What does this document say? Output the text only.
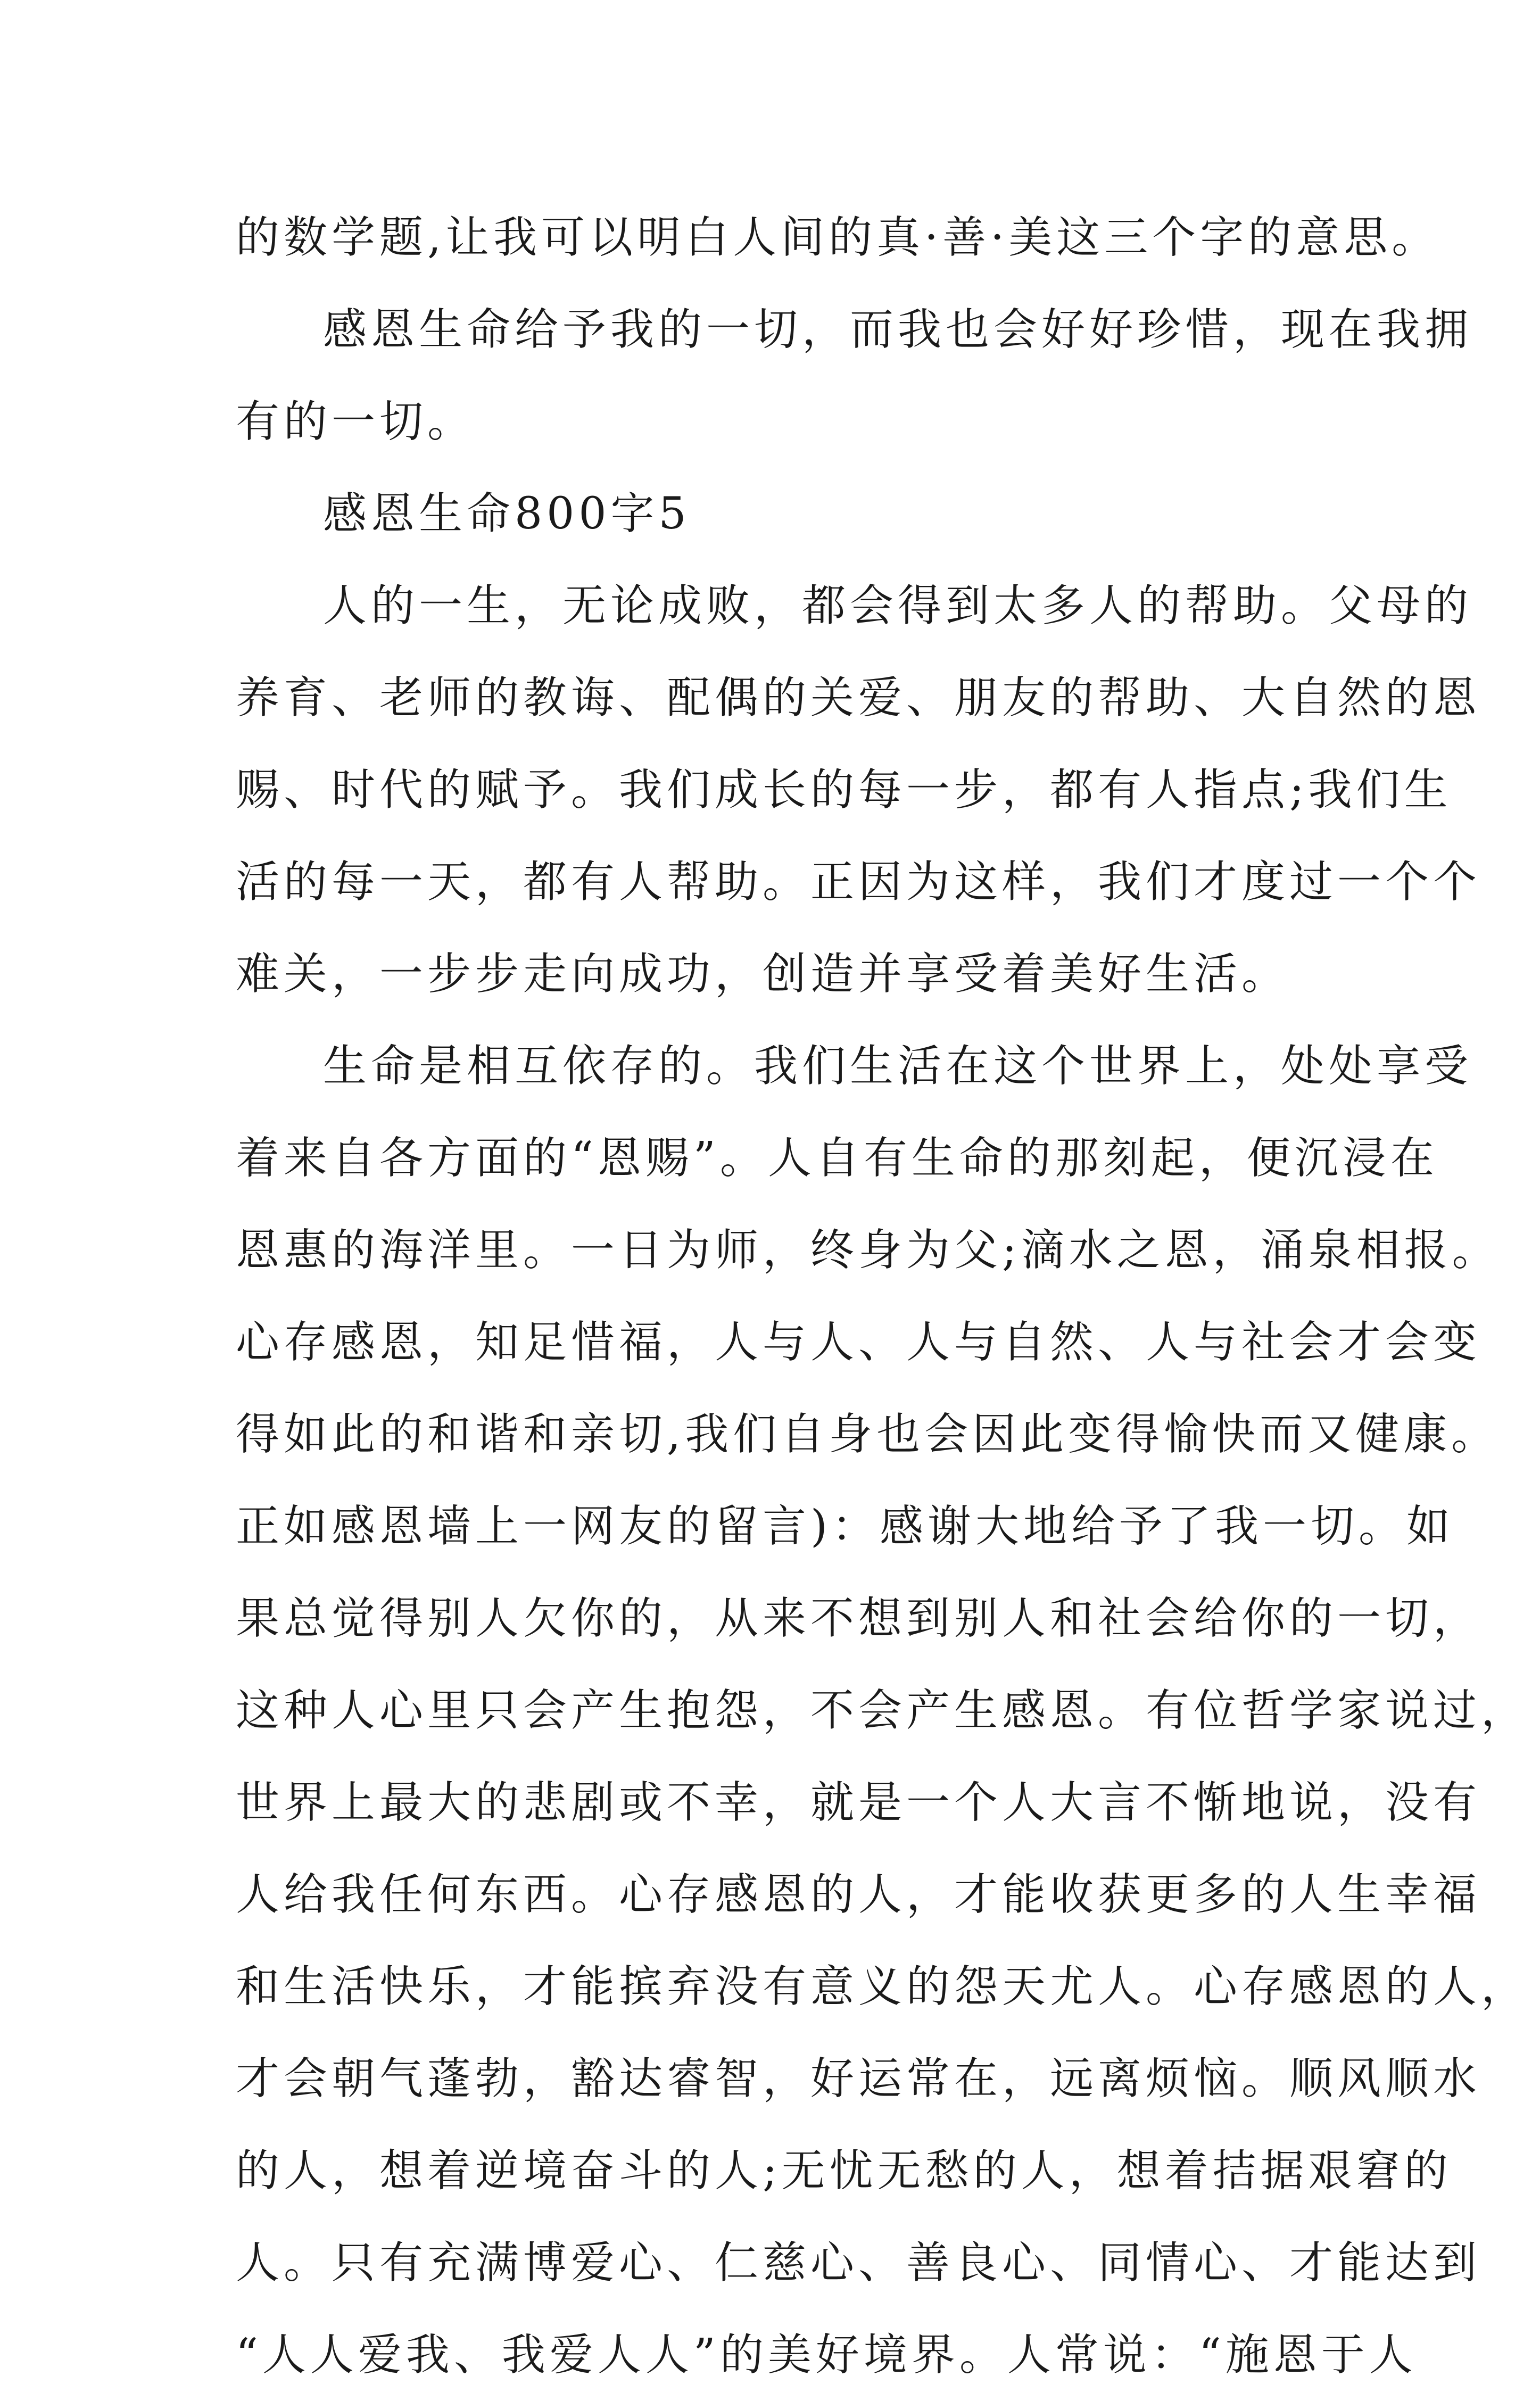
的数学题,让我可以明白人间的真·善·美这三个字的意思。
感恩生命给予我的一切，而我也会好好珍惜，现在我拥
有的一切。
感恩生命800字5
人的一生，无论成败，都会得到太多人的帮助。父母的
养育、老师的教诲、配偶的关爱、朋友的帮助、大自然的恩
赐、时代的赋予。我们成长的每一步，都有人指点;我们生
活的每一天，都有人帮助。正因为这样，我们才度过一个个
难关，一步步走向成功，创造并享受着美好生活。
生命是相互依存的。我们生活在这个世界上，处处享受
着来自各方面的“恩赐”。人自有生命的那刻起，便沉浸在
恩惠的海洋里。一日为师，终身为父;滴水之恩，涌泉相报。
心存感恩，知足惜福，人与人、人与自然、人与社会才会变
得如此的和谐和亲切,我们自身也会因此变得愉快而又健康。
正如感恩墙上一网友的留言)：感谢大地给予了我一切。如
果总觉得别人欠你的，从来不想到别人和社会给你的一切，
这种人心里只会产生抱怨，不会产生感恩。有位哲学家说过，
世界上最大的悲剧或不幸，就是一个人大言不惭地说，没有
人给我任何东西。心存感恩的人，才能收获更多的人生幸福
和生活快乐，才能摈弃没有意义的怨天尤人。心存感恩的人，
才会朝气蓬勃，豁达睿智，好运常在，远离烦恼。顺风顺水
的人，想着逆境奋斗的人;无忧无愁的人，想着拮据艰窘的
人。只有充满博爱心、仁慈心、善良心、同情心、才能达到
“人人爱我、我爱人人”的美好境界。人常说：“施恩于人
